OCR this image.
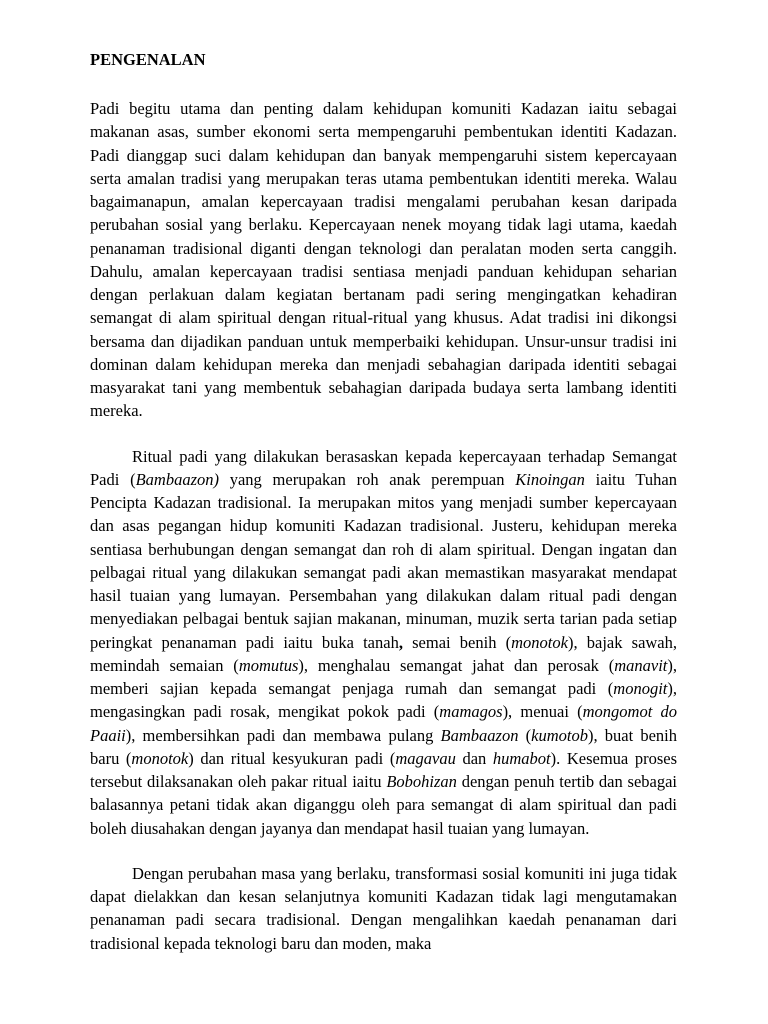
PENGENALAN

Padi begitu utama dan penting dalam kehidupan komuniti Kadazan iaitu sebagai makanan asas, sumber ekonomi serta mempengaruhi pembentukan identiti Kadazan. Padi dianggap suci dalam kehidupan dan banyak mempengaruhi sistem kepercayaan serta amalan tradisi yang merupakan teras utama pembentukan identiti mereka. Walau bagaimanapun, amalan kepercayaan tradisi mengalami perubahan kesan daripada perubahan sosial yang berlaku. Kepercayaan nenek moyang tidak lagi utama, kaedah penanaman tradisional diganti dengan teknologi dan peralatan moden serta canggih. Dahulu, amalan kepercayaan tradisi sentiasa menjadi panduan kehidupan seharian dengan perlakuan dalam kegiatan bertanam padi sering mengingatkan kehadiran semangat di alam spiritual dengan ritual-ritual yang khusus. Adat tradisi ini dikongsi bersama dan dijadikan panduan untuk memperbaiki kehidupan. Unsur-unsur tradisi ini dominan dalam kehidupan mereka dan menjadi sebahagian daripada identiti sebagai masyarakat tani yang membentuk sebahagian daripada budaya serta lambang identiti mereka.

Ritual padi yang dilakukan berasaskan kepada kepercayaan terhadap Semangat Padi (Bambaazon) yang merupakan roh anak perempuan Kinoingan iaitu Tuhan Pencipta Kadazan tradisional. Ia merupakan mitos yang menjadi sumber kepercayaan dan asas pegangan hidup komuniti Kadazan tradisional. Justeru, kehidupan mereka sentiasa berhubungan dengan semangat dan roh di alam spiritual. Dengan ingatan dan pelbagai ritual yang dilakukan semangat padi akan memastikan masyarakat mendapat hasil tuaian yang lumayan. Persembahan yang dilakukan dalam ritual padi dengan menyediakan pelbagai bentuk sajian makanan, minuman, muzik serta tarian pada setiap peringkat penanaman padi iaitu buka tanah, semai benih (monotok), bajak sawah, memindah semaian (momutus), menghalau semangat jahat dan perosak (manavit), memberi sajian kepada semangat penjaga rumah dan semangat padi (monogit), mengasingkan padi rosak, mengikat pokok padi (mamagos), menuai (mongomot do Paaii), membersihkan padi dan membawa pulang Bambaazon (kumotob), buat benih baru (monotok) dan ritual kesyukuran padi (magavau dan humabot). Kesemua proses tersebut dilaksanakan oleh pakar ritual iaitu Bobohizan dengan penuh tertib dan sebagai balasannya petani tidak akan diganggu oleh para semangat di alam spiritual dan padi boleh diusahakan dengan jayanya dan mendapat hasil tuaian yang lumayan.

Dengan perubahan masa yang berlaku, transformasi sosial komuniti ini juga tidak dapat dielakkan dan kesan selanjutnya komuniti Kadazan tidak lagi mengutamakan penanaman padi secara tradisional. Dengan mengalihkan kaedah penanaman dari tradisional kepada teknologi baru dan moden, maka
